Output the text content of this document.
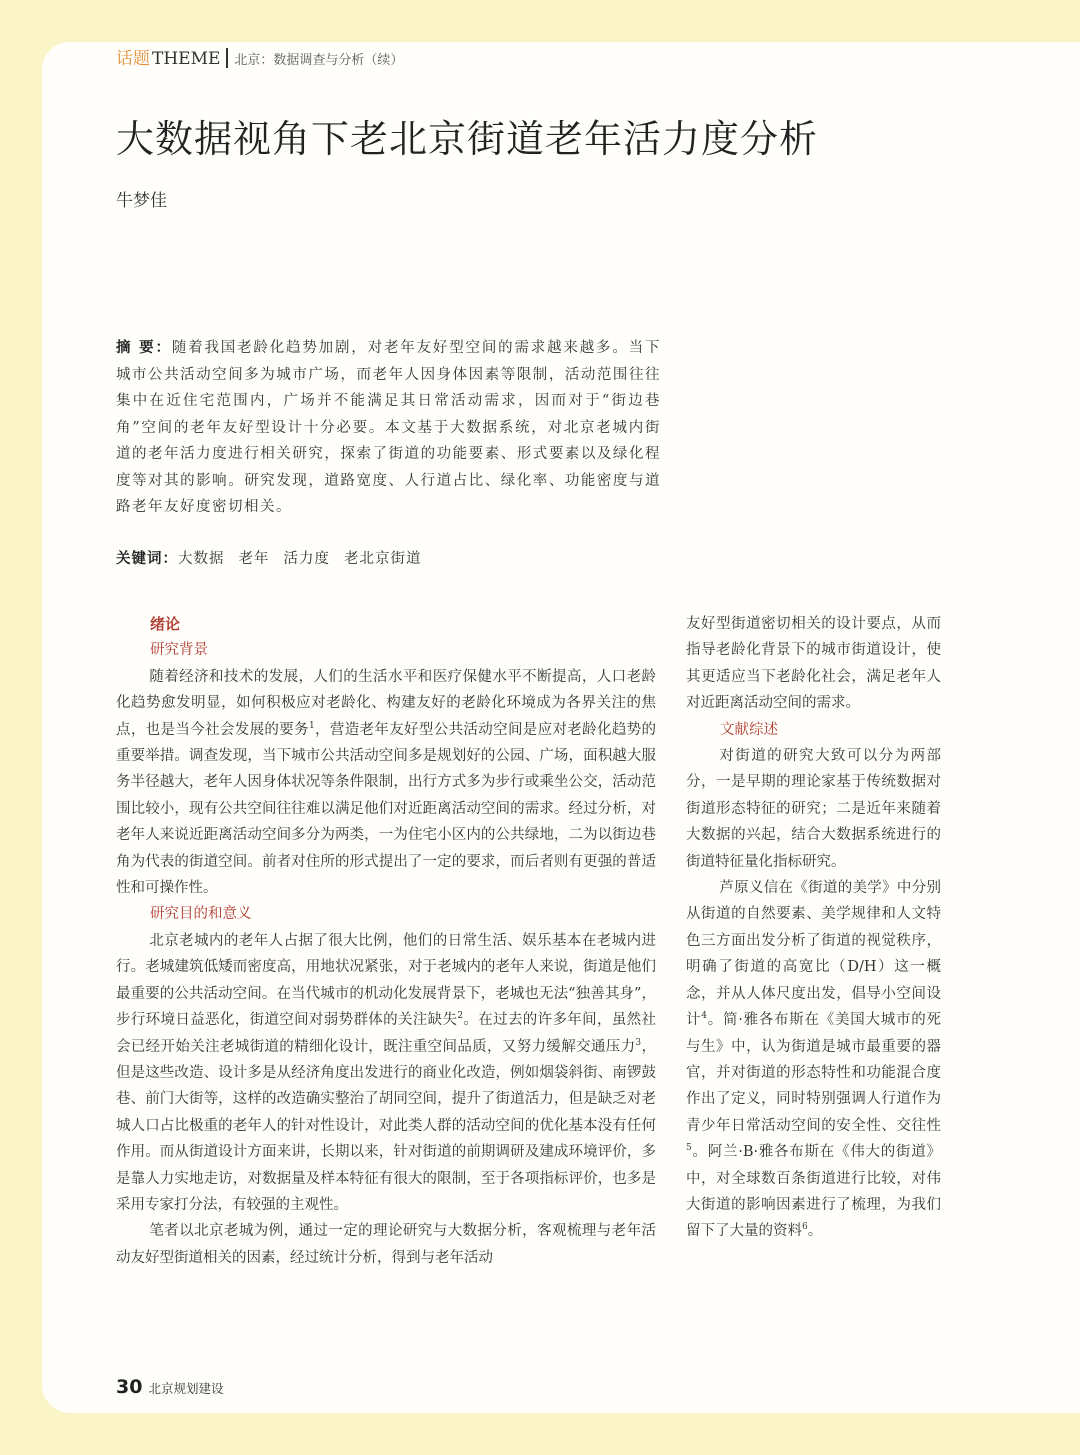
话题 THEME 北京：数据调查与分析（续）
大数据视角下老北京街道老年活力度分析
牛梦佳
摘 要：随着我国老龄化趋势加剧，对老年友好型空间的需求越来越多。当下城市公共活动空间多为城市广场，而老年人因身体因素等限制，活动范围往往集中在近住宅范围内，广场并不能满足其日常活动需求，因而对于“街边巷角”空间的老年友好型设计十分必要。本文基于大数据系统，对北京老城内街道的老年活力度进行相关研究，探索了街道的功能要素、形式要素以及绿化程度等对其的影响。研究发现，道路宽度、人行道占比、绿化率、功能密度与道路老年友好度密切相关。
关键词：大数据 老年 活力度 老北京街道
绪论
研究背景

随着经济和技术的发展，人们的生活水平和医疗保健水平不断提高，人口老龄化趋势愈发明显，如何积极应对老龄化、构建友好的老龄化环境成为各界关注的焦点，也是当今社会发展的要务$^1$，营造老年友好型公共活动空间是应对老龄化趋势的重要举措。调查发现，当下城市公共活动空间多是规划好的公园、广场，面积越大服务半径越大，老年人因身体状况等条件限制，出行方式多为步行或乘坐公交，活动范围比较小，现有公共空间往往难以满足他们对近距离活动空间的需求。经过分析，对老年人来说近距离活动空间多分为两类，一为住宅小区内的公共绿地，二为以街边巷角为代表的街道空间。前者对住所的形式提出了一定的要求，而后者则有更强的普适性和可操作性。

研究目的和意义

北京老城内的老年人占据了很大比例，他们的日常生活、娱乐基本在老城内进行。老城建筑低矮而密度高，用地状况紧张，对于老城内的老年人来说，街道是他们最重要的公共活动空间。在当代城市的机动化发展背景下，老城也无法“独善其身”，步行环境日益恶化，街道空间对弱势群体的关注缺失$^2$。在过去的许多年间，虽然社会已经开始关注老城街道的精细化设计，既注重空间品质，又努力缓解交通压力$^3$，但是这些改造、设计多是从经济角度出发进行的商业化改造，例如烟袋斜街、南锣鼓巷、前门大街等，这样的改造确实整治了胡同空间，提升了街道活力，但是缺乏对老城人口占比极重的老年人的针对性设计，对此类人群的活动空间的优化基本没有任何作用。而从街道设计方面来讲，长期以来，针对街道的前期调研及建成环境评价，多是靠人力实地走访，对数据量及样本特征有很大的限制，至于各项指标评价，也多是采用专家打分法，有较强的主观性。

笔者以北京老城为例，通过一定的理论研究与大数据分析，客观梳理与老年活动友好型街道相关的因素，经过统计分析，得到与老年活动

友好型街道密切相关的设计要点，从而指导老龄化背景下的城市街道设计，使其更适应当下老龄化社会，满足老年人对近距离活动空间的需求。

文献综述

对街道的研究大致可以分为两部分，一是早期的理论家基于传统数据对街道形态特征的研究；二是近年来随着大数据的兴起，结合大数据系统进行的街道特征量化指标研究。

芦原义信在《街道的美学》中分别从街道的自然要素、美学规律和人文特色三方面出发分析了街道的视觉秩序，明确了街道的高宽比（D/H）这一概念，并从人体尺度出发，倡导小空间设计$^4$。简·雅各布斯在《美国大城市的死与生》中，认为街道是城市最重要的器官，并对街道的形态特性和功能混合度作出了定义，同时特别强调人行道作为青少年日常活动空间的安全性、交往性$^5$。阿兰·B·雅各布斯在《伟大的街道》中，对全球数百条街道进行比较，对伟大街道的影响因素进行了梳理，为我们留下了大量的资料$^6$。

30 北京规划建设
